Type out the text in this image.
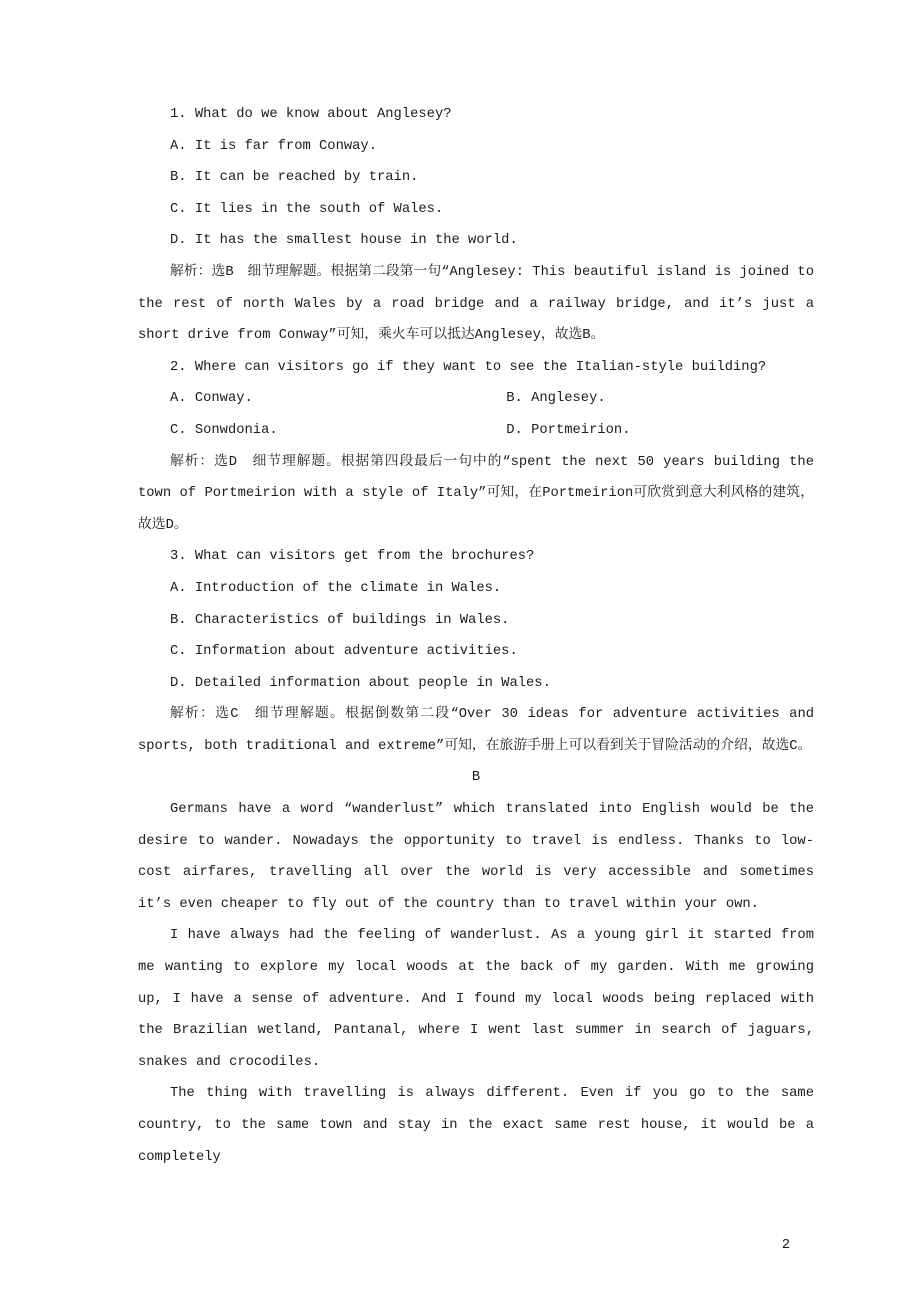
1. What do we know about Anglesey?
A. It is far from Conway.
B. It can be reached by train.
C. It lies in the south of Wales.
D. It has the smallest house in the world.
解析：选B　细节理解题。根据第二段第一句“Anglesey: This beautiful island is joined to the rest of north Wales by a road bridge and a railway bridge, and it’s just a short drive from Conway”可知，乘火车可以抵达Anglesey，故选B。
2. Where can visitors go if they want to see the Italian-style building?
A. Conway.	B. Anglesey.
C. Sonwdonia.	D. Portmeirion.
解析：选D　细节理解题。根据第四段最后一句中的“spent the next 50 years building the town of Portmeirion with a style of Italy”可知，在Portmeirion可欣赏到意大利风格的建筑，故选D。
3. What can visitors get from the brochures?
A. Introduction of the climate in Wales.
B. Characteristics of buildings in Wales.
C. Information about adventure activities.
D. Detailed information about people in Wales.
解析：选C　细节理解题。根据倒数第二段“Over 30 ideas for adventure activities and sports, both traditional and extreme”可知，在旅游手册上可以看到关于冒险活动的介绍，故选C。
B
Germans have a word “wanderlust” which translated into English would be the desire to wander. Nowadays the opportunity to travel is endless. Thanks to low-cost airfares, travelling all over the world is very accessible and sometimes it’s even cheaper to fly out of the country than to travel within your own.
I have always had the feeling of wanderlust. As a young girl it started from me wanting to explore my local woods at the back of my garden. With me growing up, I have a sense of adventure. And I found my local woods being replaced with the Brazilian wetland, Pantanal, where I went last summer in search of jaguars, snakes and crocodiles.
The thing with travelling is always different. Even if you go to the same country, to the same town and stay in the exact same rest house, it would be a completely
2
